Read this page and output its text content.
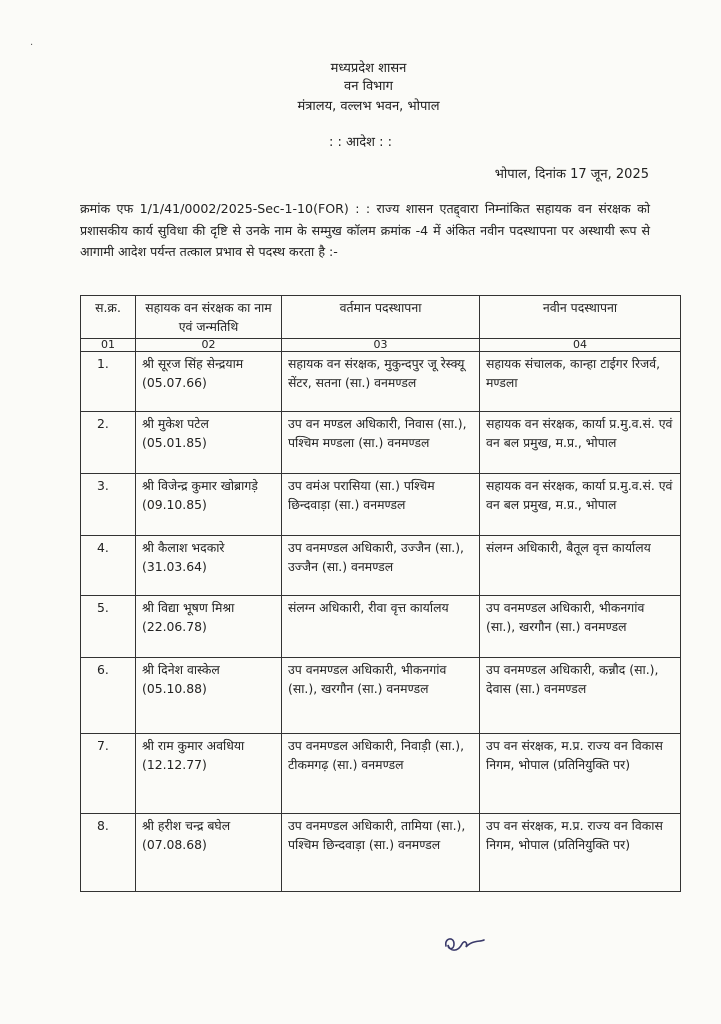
·
मध्यप्रदेश शासन
वन विभाग
मंत्रालय, वल्लभ भवन, भोपाल
: : आदेश : :
भोपाल, दिनांक 17 जून, 2025
क्रमांक एफ 1/1/41/0002/2025-Sec-1-10(FOR) : : राज्य शासन एतद्द्वारा निम्नांकित सहायक वन संरक्षक को प्रशासकीय कार्य सुविधा की दृष्टि से उनके नाम के सम्मुख कॉलम क्रमांक -4 में अंकित नवीन पदस्थापना पर अस्थायी रूप से आगामी आदेश पर्यन्त तत्काल प्रभाव से पदस्थ करता है :-
स.क्र.	सहायक वन संरक्षक का नाम एवं जन्मतिथि	वर्तमान पदस्थापना	नवीन पदस्थापना
01	02	03	04
1.	श्री सूरज सिंह सेन्द्रयाम (05.07.66)	सहायक वन संरक्षक, मुकुन्दपुर जू रेस्क्यू सेंटर, सतना (सा.) वनमण्डल	सहायक संचालक, कान्हा टाईगर रिजर्व, मण्डला
2.	श्री मुकेश पटेल (05.01.85)	उप वन मण्डल अधिकारी, निवास (सा.), पश्चिम मण्डला (सा.) वनमण्डल	सहायक वन संरक्षक, कार्या प्र.मु.व.सं. एवं वन बल प्रमुख, म.प्र., भोपाल
3.	श्री विजेन्द्र कुमार खोब्रागड़े (09.10.85)	उप वमंअ परासिया (सा.) पश्चिम छिन्दवाड़ा (सा.) वनमण्डल	सहायक वन संरक्षक, कार्या प्र.मु.व.सं. एवं वन बल प्रमुख, म.प्र., भोपाल
4.	श्री कैलाश भदकारे (31.03.64)	उप वनमण्डल अधिकारी, उज्जैन (सा.), उज्जैन (सा.) वनमण्डल	संलग्न अधिकारी, बैतूल वृत्त कार्यालय
5.	श्री विद्या भूषण मिश्रा (22.06.78)	संलग्न अधिकारी, रीवा वृत्त कार्यालय	उप वनमण्डल अधिकारी, भीकनगांव (सा.), खरगौन (सा.) वनमण्डल
6.	श्री दिनेश वास्केल (05.10.88)	उप वनमण्डल अधिकारी, भीकनगांव (सा.), खरगौन (सा.) वनमण्डल	उप वनमण्डल अधिकारी, कन्नौद (सा.), देवास (सा.) वनमण्डल
7.	श्री राम कुमार अवधिया (12.12.77)	उप वनमण्डल अधिकारी, निवाड़ी (सा.), टीकमगढ़ (सा.) वनमण्डल	उप वन संरक्षक, म.प्र. राज्य वन विकास निगम, भोपाल (प्रतिनियुक्ति पर)
8.	श्री हरीश चन्द्र बघेल (07.08.68)	उप वनमण्डल अधिकारी, तामिया (सा.), पश्चिम छिन्दवाड़ा (सा.) वनमण्डल	उप वन संरक्षक, म.प्र. राज्य वन विकास निगम, भोपाल (प्रतिनियुक्ति पर)
